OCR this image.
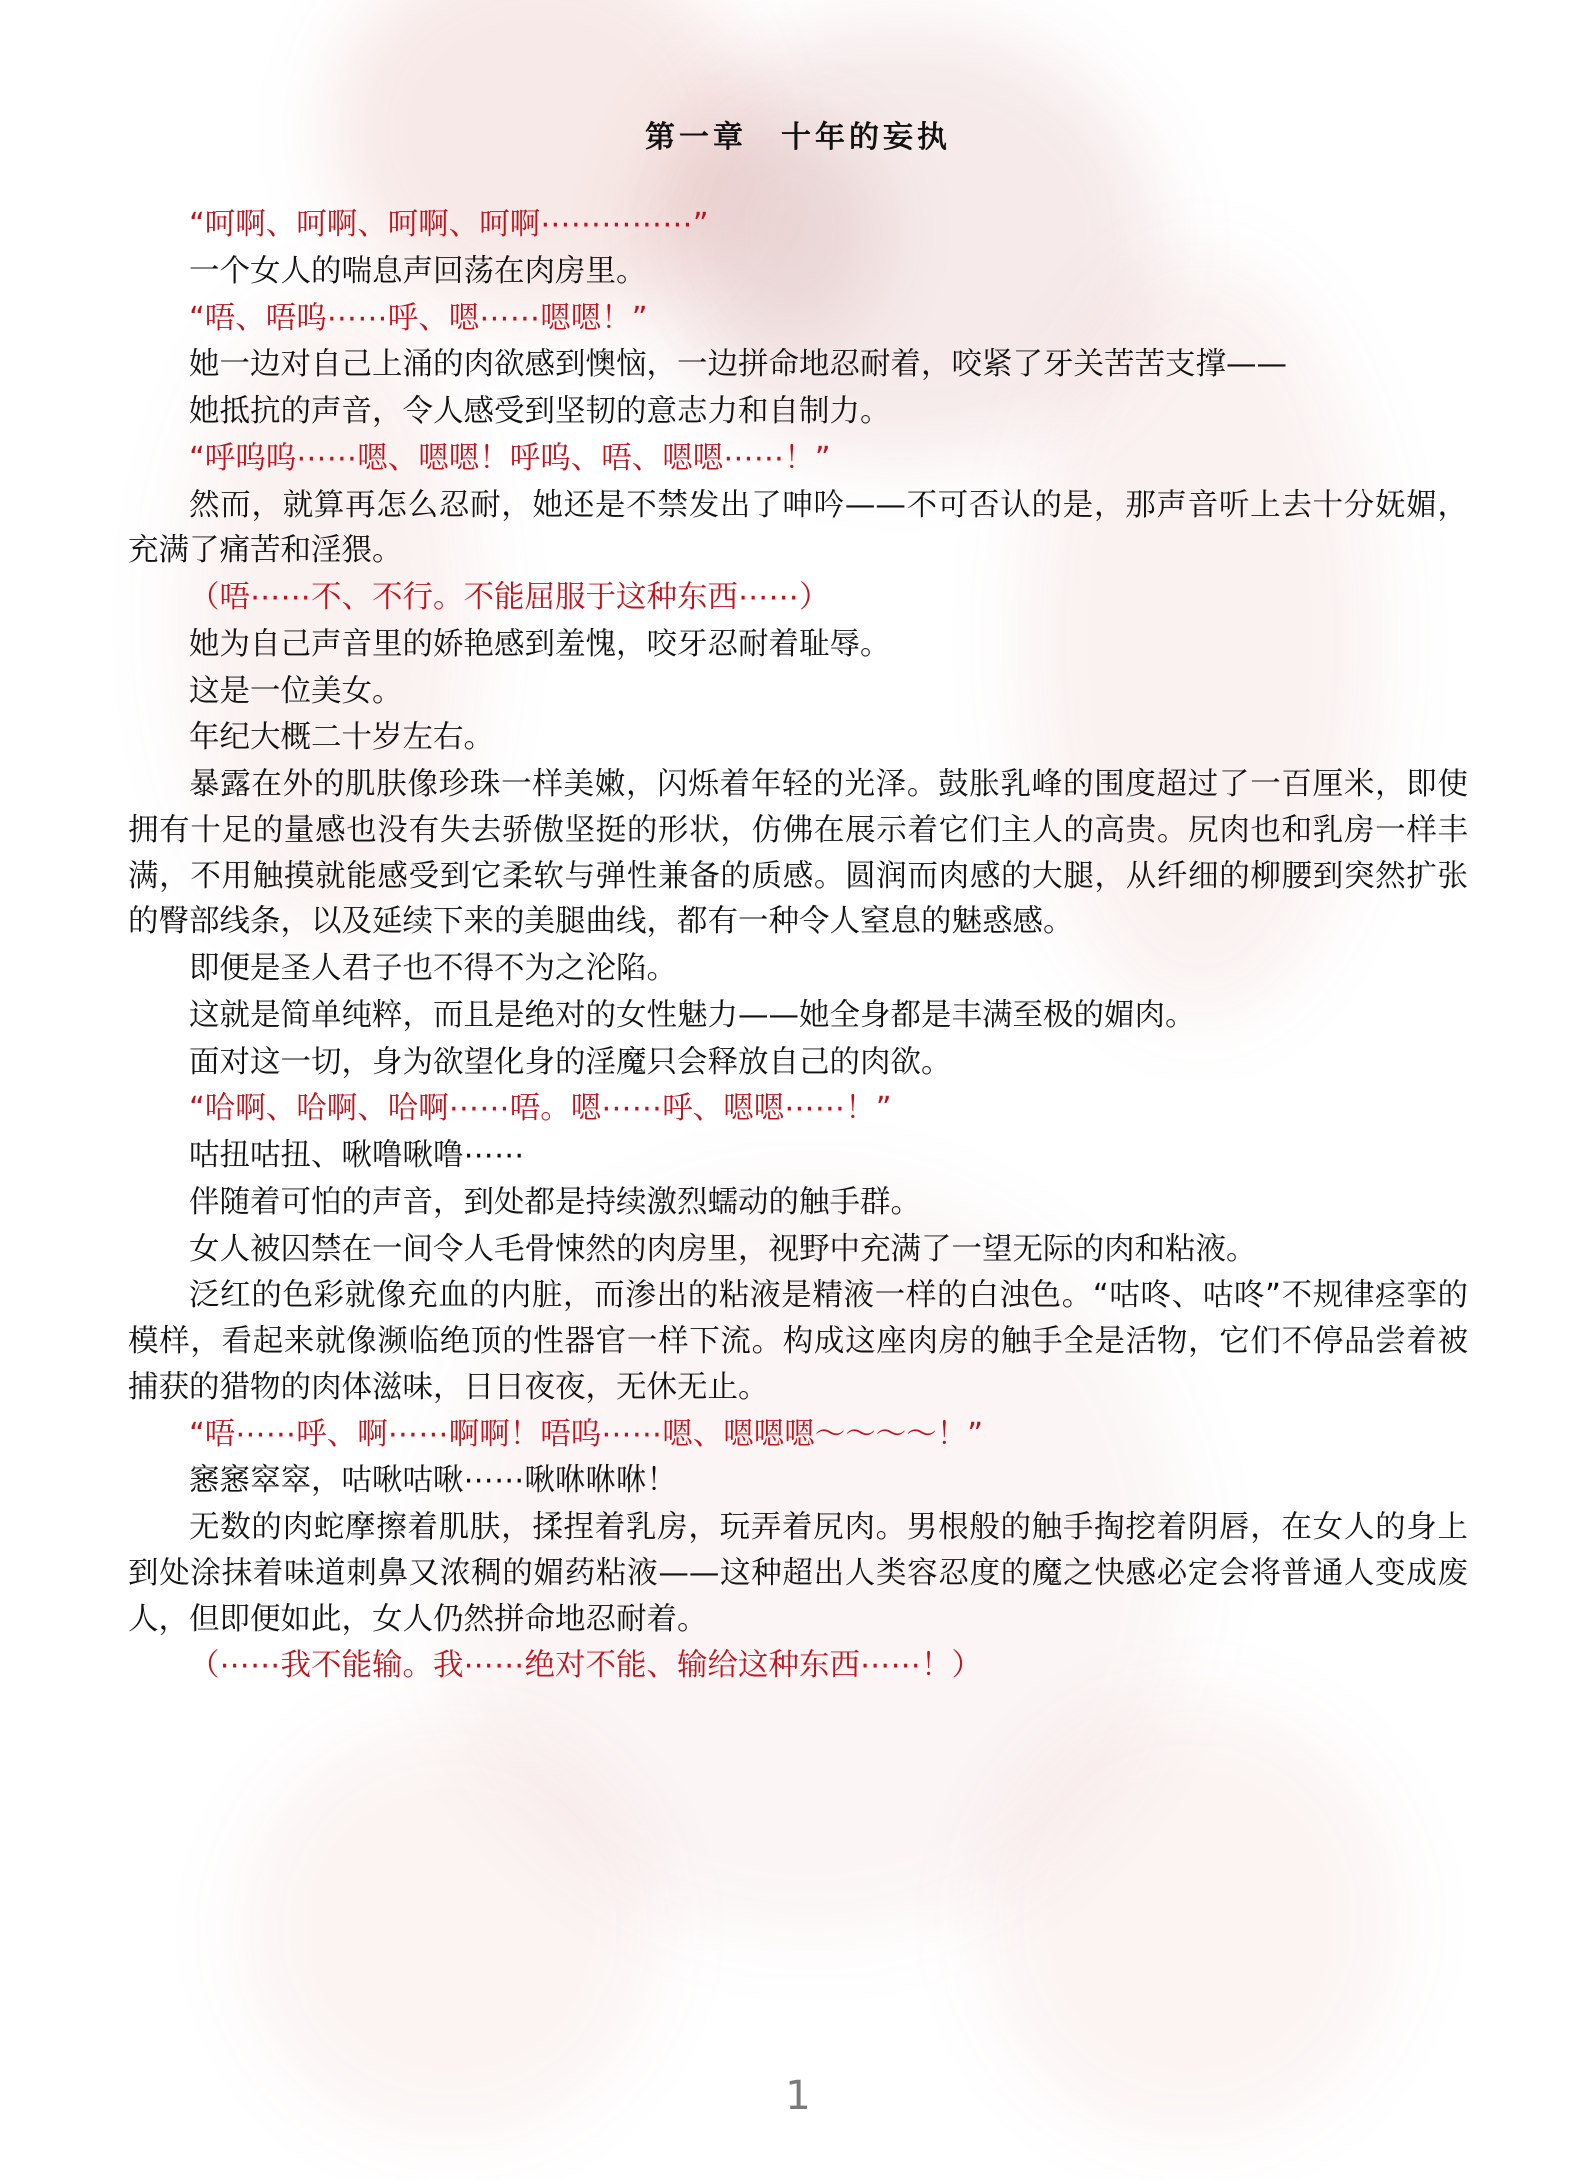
第一章　十年的妄执

“呵啊、呵啊、呵啊、呵啊⋯⋯⋯⋯⋯”

一个女人的喘息声回荡在肉房里。

“唔、唔呜⋯⋯呼、嗯⋯⋯嗯嗯！”

她一边对自己上涌的肉欲感到懊恼，一边拼命地忍耐着，咬紧了牙关苦苦支撑——

她抵抗的声音，令人感受到坚韧的意志力和自制力。

“呼呜呜⋯⋯嗯、嗯嗯！呼呜、唔、嗯嗯⋯⋯！”

然而，就算再怎么忍耐，她还是不禁发出了呻吟——不可否认的是，那声音听上去十分妩媚，充满了痛苦和淫猥。

（唔⋯⋯不、不行。不能屈服于这种东西⋯⋯）

她为自己声音里的娇艳感到羞愧，咬牙忍耐着耻辱。

这是一位美女。

年纪大概二十岁左右。

暴露在外的肌肤像珍珠一样美嫩，闪烁着年轻的光泽。鼓胀乳峰的围度超过了一百厘米，即使拥有十足的量感也没有失去骄傲坚挺的形状，仿佛在展示着它们主人的高贵。尻肉也和乳房一样丰满，不用触摸就能感受到它柔软与弹性兼备的质感。圆润而肉感的大腿，从纤细的柳腰到突然扩张的臀部线条，以及延续下来的美腿曲线，都有一种令人窒息的魅惑感。

即便是圣人君子也不得不为之沦陷。

这就是简单纯粹，而且是绝对的女性魅力——她全身都是丰满至极的媚肉。

面对这一切，身为欲望化身的淫魔只会释放自己的肉欲。

“哈啊、哈啊、哈啊⋯⋯唔。嗯⋯⋯呼、嗯嗯⋯⋯！”

咕扭咕扭、啾噜啾噜⋯⋯

伴随着可怕的声音，到处都是持续激烈蠕动的触手群。

女人被囚禁在一间令人毛骨悚然的肉房里，视野中充满了一望无际的肉和粘液。

泛红的色彩就像充血的内脏，而渗出的粘液是精液一样的白浊色。“咕咚、咕咚”不规律痉挛的模样，看起来就像濒临绝顶的性器官一样下流。构成这座肉房的触手全是活物，它们不停品尝着被捕获的猎物的肉体滋味，日日夜夜，无休无止。

“唔⋯⋯呼、啊⋯⋯啊啊！唔呜⋯⋯嗯、嗯嗯嗯〜〜〜〜！”

窸窸窣窣，咕啾咕啾⋯⋯啾咻咻咻！

无数的肉蛇摩擦着肌肤，揉捏着乳房，玩弄着尻肉。男根般的触手掏挖着阴唇，在女人的身上到处涂抹着味道刺鼻又浓稠的媚药粘液——这种超出人类容忍度的魔之快感必定会将普通人变成废人，但即便如此，女人仍然拼命地忍耐着。

（⋯⋯我不能输。我⋯⋯绝对不能、输给这种东西⋯⋯！）

1
